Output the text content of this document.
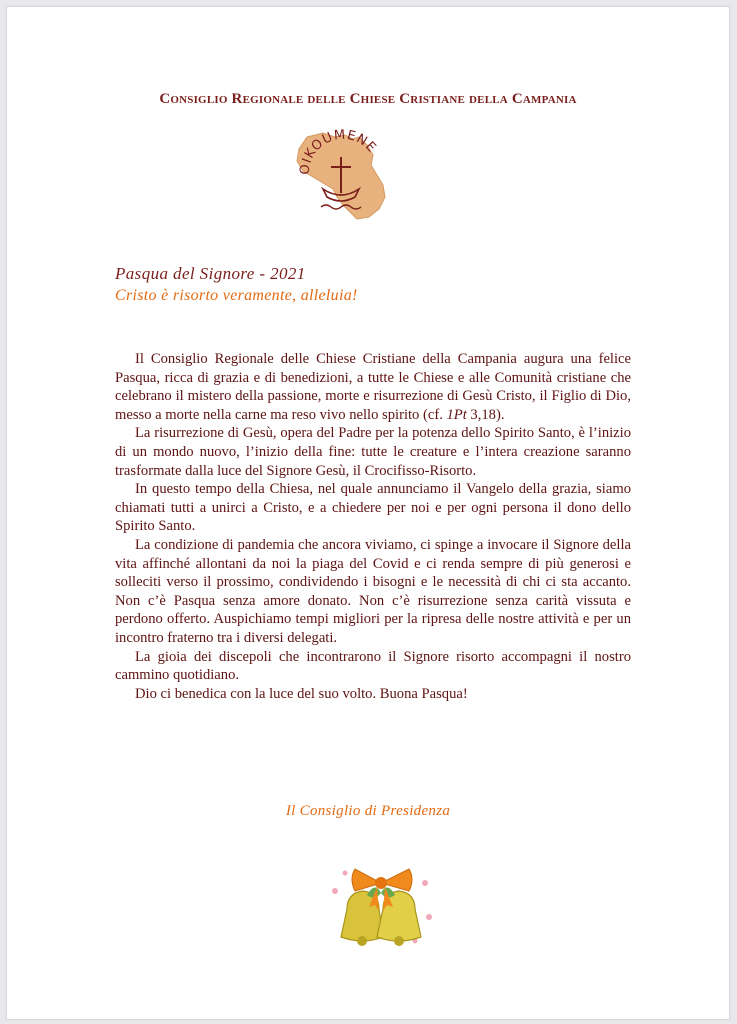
Consiglio Regionale delle Chiese Cristiane della Campania
OIKOUMENE
Pasqua del Signore - 2021
Cristo è risorto veramente, alleluia!

Il Consiglio Regionale delle Chiese Cristiane della Campania augura una felice Pasqua, ricca di grazia e di benedizioni, a tutte le Chiese e alle Comunità cristiane che celebrano il mistero della passione, morte e risurrezione di Gesù Cristo, il Figlio di Dio, messo a morte nella carne ma reso vivo nello spirito (cf. 1Pt 3,18).

La risurrezione di Gesù, opera del Padre per la potenza dello Spirito Santo, è l’inizio di un mondo nuovo, l’inizio della fine: tutte le creature e l’intera creazione saranno trasformate dalla luce del Signore Gesù, il Crocifisso-Risorto.

In questo tempo della Chiesa, nel quale annunciamo il Vangelo della grazia, siamo chiamati tutti a unirci a Cristo, e a chiedere per noi e per ogni persona il dono dello Spirito Santo.

La condizione di pandemia che ancora viviamo, ci spinge a invocare il Signore della vita affinché allontani da noi la piaga del Covid e ci renda sempre di più generosi e solleciti verso il prossimo, condividendo i bisogni e le necessità di chi ci sta accanto. Non c’è Pasqua senza amore donato. Non c’è risurrezione senza carità vissuta e perdono offerto. Auspichiamo tempi migliori per la ripresa delle nostre attività e per un incontro fraterno tra i diversi delegati.

La gioia dei discepoli che incontrarono il Signore risorto accompagni il nostro cammino quotidiano.

Dio ci benedica con la luce del suo volto. Buona Pasqua!

Il Consiglio di Presidenza
